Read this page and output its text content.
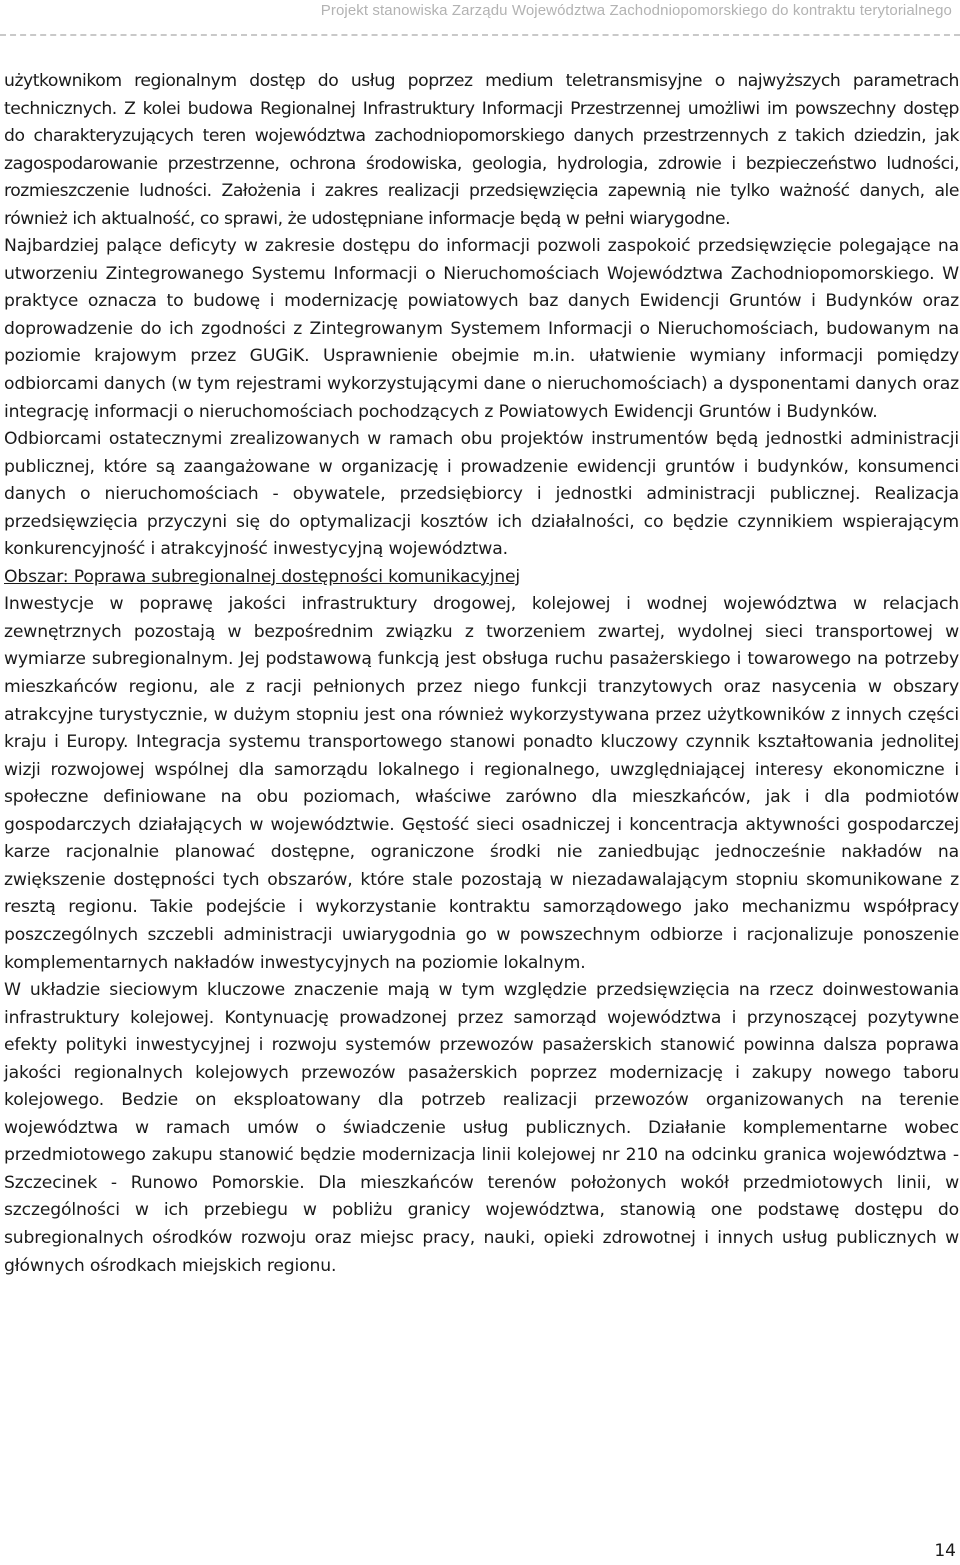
Projekt stanowiska Zarządu Województwa Zachodniopomorskiego do kontraktu terytorialnego

użytkownikom regionalnym dostęp do usług poprzez medium teletransmisyjne o najwyższych parametrach technicznych. Z kolei budowa Regionalnej Infrastruktury Informacji Przestrzennej umożliwi im powszechny dostęp do charakteryzujących teren województwa zachodniopomorskiego danych przestrzennych z takich dziedzin, jak zagospodarowanie przestrzenne, ochrona środowiska, geologia, hydrologia, zdrowie i bezpieczeństwo ludności, rozmieszczenie ludności. Założenia i zakres realizacji przedsięwzięcia zapewnią nie tylko ważność danych, ale również ich aktualność, co sprawi, że udostępniane informacje będą w pełni wiarygodne.

Najbardziej palące deficyty w zakresie dostępu do informacji pozwoli zaspokoić przedsięwzięcie polegające na utworzeniu Zintegrowanego Systemu Informacji o Nieruchomościach Województwa Zachodniopomorskiego. W praktyce oznacza to budowę i modernizację powiatowych baz danych Ewidencji Gruntów i Budynków oraz doprowadzenie do ich zgodności z Zintegrowanym Systemem Informacji o Nieruchomościach, budowanym na poziomie krajowym przez GUGiK. Usprawnienie obejmie m.in. ułatwienie wymiany informacji pomiędzy odbiorcami danych (w tym rejestrami wykorzystującymi dane o nieruchomościach) a dysponentami danych oraz integrację informacji o nieruchomościach pochodzących z Powiatowych Ewidencji Gruntów i Budynków.

Odbiorcami ostatecznymi zrealizowanych w ramach obu projektów instrumentów będą jednostki administracji publicznej, które są zaangażowane w organizację i prowadzenie ewidencji gruntów i budynków, konsumenci danych o nieruchomościach - obywatele, przedsiębiorcy i jednostki administracji publicznej. Realizacja przedsięwzięcia przyczyni się do optymalizacji kosztów ich działalności, co będzie czynnikiem wspierającym konkurencyjność i atrakcyjność inwestycyjną województwa.

Obszar: Poprawa subregionalnej dostępności komunikacyjnej

Inwestycje w poprawę jakości infrastruktury drogowej, kolejowej i wodnej województwa w relacjach zewnętrznych pozostają w bezpośrednim związku z tworzeniem zwartej, wydolnej sieci transportowej w wymiarze subregionalnym. Jej podstawową funkcją jest obsługa ruchu pasażerskiego i towarowego na potrzeby mieszkańców regionu, ale z racji pełnionych przez niego funkcji tranzytowych oraz nasycenia w obszary atrakcyjne turystycznie, w dużym stopniu jest ona również wykorzystywana przez użytkowników z innych części kraju i Europy. Integracja systemu transportowego stanowi ponadto kluczowy czynnik kształtowania jednolitej wizji rozwojowej wspólnej dla samorządu lokalnego i regionalnego, uwzględniającej interesy ekonomiczne i społeczne definiowane na obu poziomach, właściwe zarówno dla mieszkańców, jak i dla podmiotów gospodarczych działających w województwie. Gęstość sieci osadniczej i koncentracja aktywności gospodarczej karze racjonalnie planować dostępne, ograniczone środki nie zaniedbując jednocześnie nakładów na zwiększenie dostępności tych obszarów, które stale pozostają w niezadawalającym stopniu skomunikowane z resztą regionu. Takie podejście i wykorzystanie kontraktu samorządowego jako mechanizmu współpracy poszczególnych szczebli administracji uwiarygodnia go w powszechnym odbiorze i racjonalizuje ponoszenie komplementarnych nakładów inwestycyjnych na poziomie lokalnym.

W układzie sieciowym kluczowe znaczenie mają w tym względzie przedsięwzięcia na rzecz doinwestowania infrastruktury kolejowej. Kontynuację prowadzonej przez samorząd województwa i przynoszącej pozytywne efekty polityki inwestycyjnej i rozwoju systemów przewozów pasażerskich stanowić powinna dalsza poprawa jakości regionalnych kolejowych przewozów pasażerskich poprzez modernizację i zakupy nowego taboru kolejowego. Bedzie on eksploatowany dla potrzeb realizacji przewozów organizowanych na terenie województwa w ramach umów o świadczenie usług publicznych. Działanie komplementarne wobec przedmiotowego zakupu stanowić będzie modernizacja linii kolejowej nr 210 na odcinku granica województwa - Szczecinek - Runowo Pomorskie. Dla mieszkańców terenów położonych wokół przedmiotowych linii, w szczególności w ich przebiegu w pobliżu granicy województwa, stanowią one podstawę dostępu do subregionalnych ośrodków rozwoju oraz miejsc pracy, nauki, opieki zdrowotnej i innych usług publicznych w głównych ośrodkach miejskich regionu.

14
